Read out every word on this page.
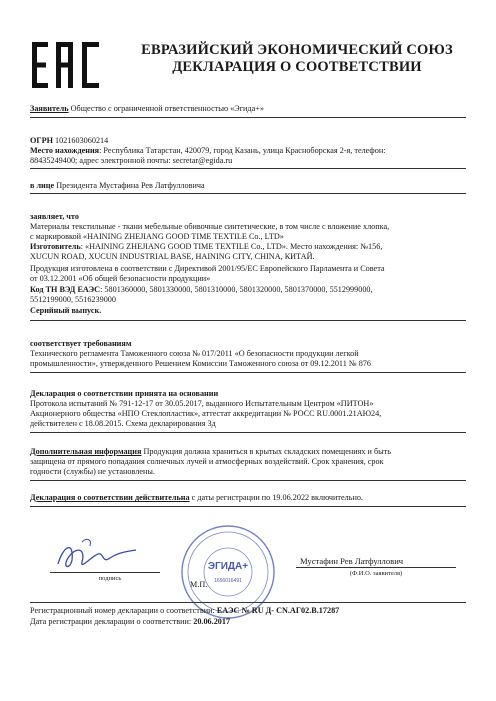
ЕВРАЗИЙСКИЙ ЭКОНОМИЧЕСКИЙ СОЮЗ
ДЕКЛАРАЦИЯ О СООТВЕТСТВИИ
Заявитель Общество с ограниченной ответственностью «Эгида+»
ОГРН 1021603060214
Место нахождения: Республика Татарстан, 420079, город Казань, улица Красноборская 2-я, телефон:
88435249400; адрес электронной почты: secretar@egida.ru
в лице Президента Мустафина Рев Латфулловича
заявляет, что
Материалы текстильные - ткани мебельные обивочные синтетические, в том числе с вложение хлопка,
с маркировкой «HAINING ZHEJIANG GOOD TIME TEXTILE Co., LTD»
Изготовитель: «HAINING ZHEJIANG GOOD TIME TEXTILE Co., LTD». Место нахождения: №156,
XUCUN ROAD, XUCUN INDUSTRIAL BASE, HAINING CITY, CHINA, КИТАЙ.
Продукция изготовлена в соответствии с Директивой 2001/95/ЕС Европейского Парламента и Совета
от 03.12.2001 «Об общей безопасности продукции»
Код ТН ВЭД ЕАЭС: 5801360000, 5801330000, 5801310000, 5801320000, 5801370000, 5512999000,
5512199000, 5516239000
Серийный выпуск.
соответствует требованиям
Технического регламента Таможенного союза № 017/2011 «О безопасности продукции легкой
промышленности», утвержденного Решением Комиссии Таможенного союза от 09.12.2011 № 876
Декларация о соответствии принята на основании
Протокола испытаний № 791-12-17 от 30.05.2017, выданного Испытательным Центром «ПИТОН»
Акционерного общества «НПО Стеклопластик», аттестат аккредитации № РОСС RU.0001.21АЮ24,
действителен с 18.08.2015. Схема декларирования 3д
Дополнительная информация Продукция должна храниться в крытых складских помещениях и быть
защищена от прямого попадания солнечных лучей и атмосферных воздействий. Срок хранения, срок
годности (службы) не установлены.
Декларация о соответствии действительна с даты регистрации по 19.06.2022 включительно.
подпись
М.П.
ЭГИДА+
1656016491
Мустафин Рев Латфуллович
(Ф.И.О. заявителя)
Регистрационный номер декларации о соответствии: ЕАЭС № RU Д- CN.АГ02.В.17287
Дата регистрации декларации о соответствии: 20.06.2017
